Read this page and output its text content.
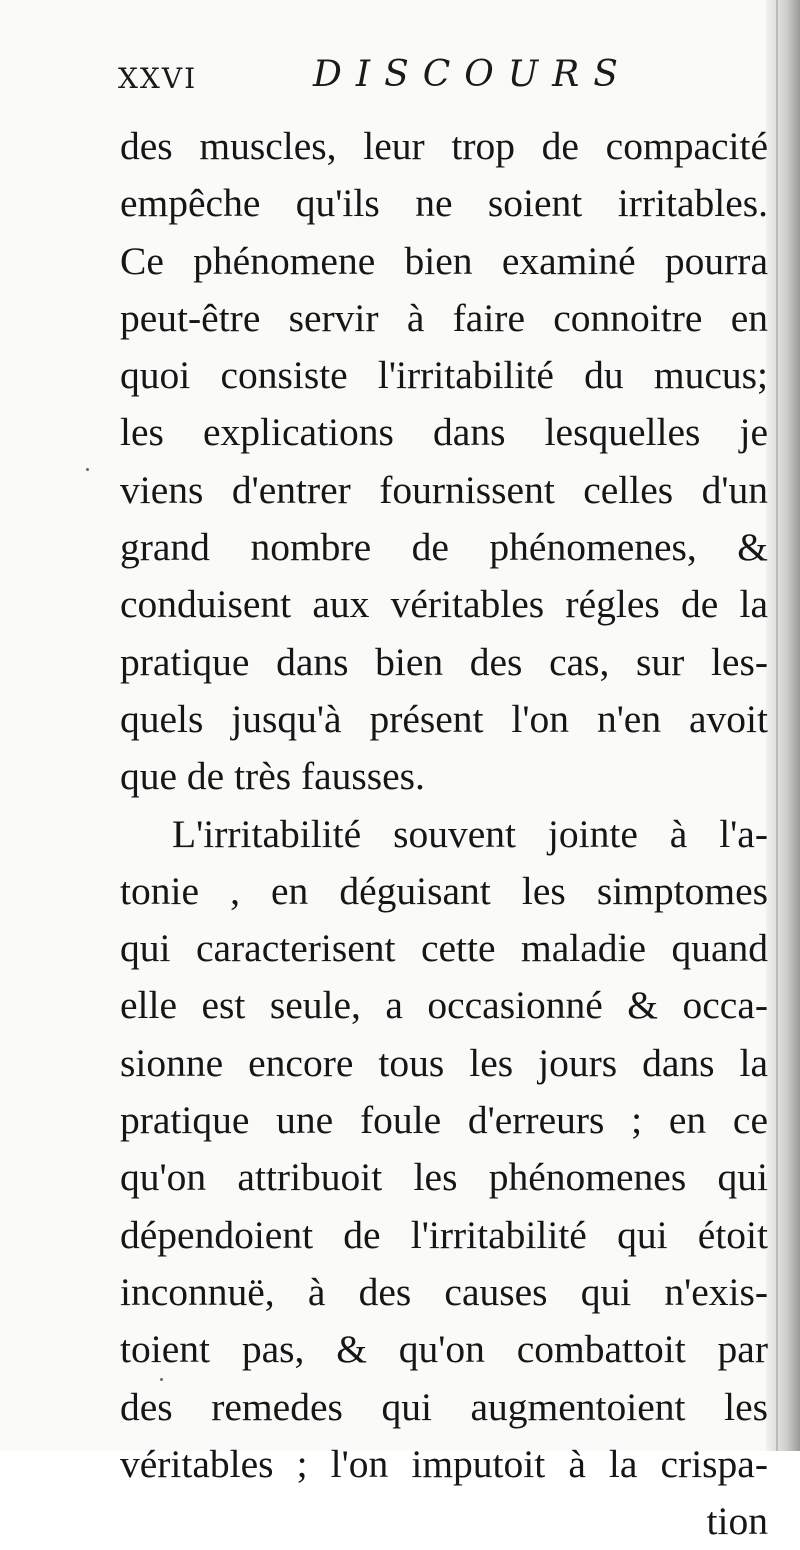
XXVI	DISCOURS
des muscles, leur trop de compacité
empêche qu'ils ne soient irritables.
Ce phénomene bien examiné pourra
peut-être servir à faire connoitre en
quoi consiste l'irritabilité du mucus;
les explications dans lesquelles je
viens d'entrer fournissent celles d'un
grand nombre de phénomenes, &
conduisent aux véritables régles de la
pratique dans bien des cas, sur les-
quels jusqu'à présent l'on n'en avoit
que de très fausses.
L'irritabilité souvent jointe à l'a-
tonie , en déguisant les simptomes
qui caracterisent cette maladie quand
elle est seule, a occasionné & occa-
sionne encore tous les jours dans la
pratique une foule d'erreurs ; en ce
qu'on attribuoit les phénomenes qui
dépendoient de l'irritabilité qui étoit
inconnuë, à des causes qui n'exis-
toient pas, & qu'on combattoit par
des remedes qui augmentoient les
véritables ; l'on imputoit à la crispa-
tion
